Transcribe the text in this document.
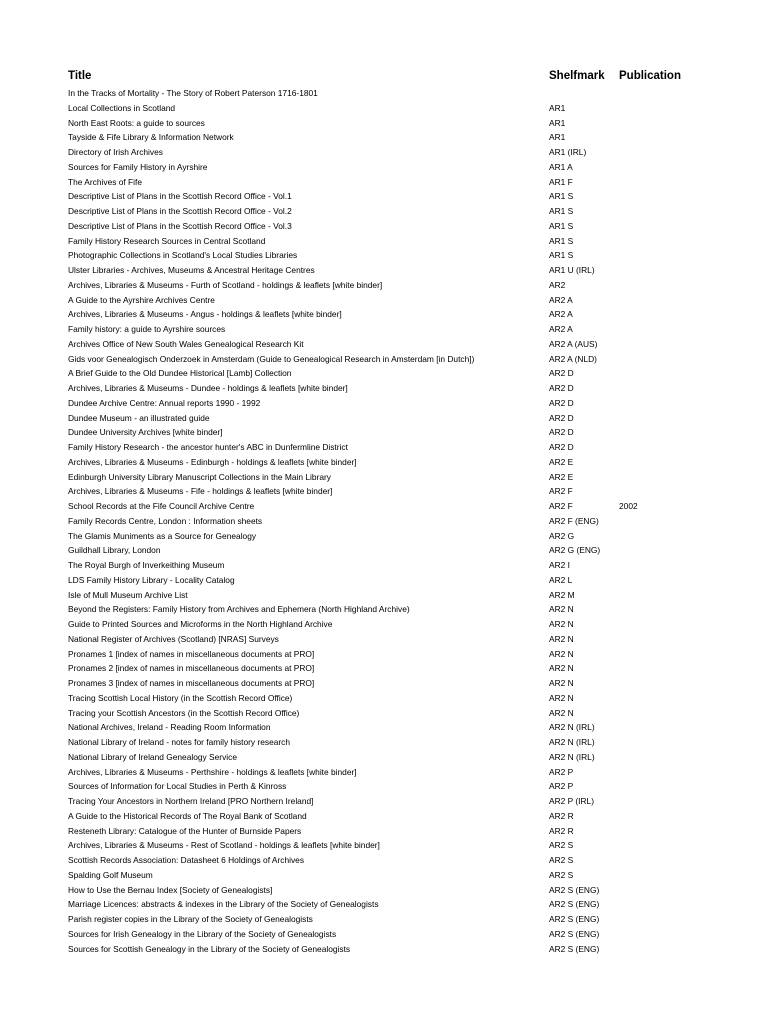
Title	Shelfmark Publication
In the Tracks of Mortality - The Story of Robert Paterson 1716-1801
Local Collections in Scotland	AR1
North East Roots: a guide to sources	AR1
Tayside & Fife Library & Information Network	AR1
Directory of Irish Archives	AR1 (IRL)
Sources for Family History in Ayrshire	AR1 A
The Archives of Fife	AR1 F
Descriptive List of Plans in the Scottish Record Office - Vol.1	AR1 S
Descriptive List of Plans in the Scottish Record Office - Vol.2	AR1 S
Descriptive List of Plans in the Scottish Record Office - Vol.3	AR1 S
Family History Research Sources in Central Scotland	AR1 S
Photographic Collections in Scotland's Local Studies Libraries	AR1 S
Ulster Libraries - Archives, Museums & Ancestral Heritage Centres	AR1 U (IRL)
Archives, Libraries & Museums - Furth of Scotland - holdings & leaflets [white binder]	AR2
A Guide to the Ayrshire Archives Centre	AR2 A
Archives, Libraries & Museums - Angus - holdings & leaflets [white binder]	AR2 A
Family history: a guide to Ayrshire sources	AR2 A
Archives Office of New South Wales Genealogical Research Kit	AR2 A (AUS)
Gids voor Genealogisch Onderzoek in Amsterdam (Guide to Genealogical Research in Amsterdam [in Dutch])	AR2 A (NLD)
A Brief Guide to the Old Dundee Historical [Lamb] Collection	AR2 D
Archives, Libraries & Museums - Dundee - holdings & leaflets [white binder]	AR2 D
Dundee Archive Centre: Annual reports 1990 - 1992	AR2 D
Dundee Museum - an illustrated guide	AR2 D
Dundee University Archives [white binder]	AR2 D
Family History Research - the ancestor hunter's ABC in Dunfermline District	AR2 D
Archives, Libraries & Museums - Edinburgh - holdings & leaflets [white binder]	AR2 E
Edinburgh University Library Manuscript Collections in the Main Library	AR2 E
Archives, Libraries & Museums - Fife - holdings & leaflets [white binder]	AR2 F
School Records at the Fife Council Archive Centre	AR2 F	2002
Family Records Centre, London : Information sheets	AR2 F (ENG)
The Glamis Muniments as a Source for Genealogy	AR2 G
Guildhall Library, London	AR2 G (ENG)
The Royal Burgh of Inverkeithing Museum	AR2 I
LDS Family History Library - Locality Catalog	AR2 L
Isle of Mull Museum Archive List	AR2 M
Beyond the Registers: Family History from Archives and Ephemera (North Highland Archive)	AR2 N
Guide to Printed Sources and Microforms in the North Highland Archive	AR2 N
National Register of Archives (Scotland) [NRAS] Surveys	AR2 N
Pronames 1 [index of names in miscellaneous documents at PRO]	AR2 N
Pronames 2 [index of names in miscellaneous documents at PRO]	AR2 N
Pronames 3 [index of names in miscellaneous documents at PRO]	AR2 N
Tracing Scottish Local History (in the Scottish Record Office)	AR2 N
Tracing your Scottish Ancestors (in the Scottish Record Office)	AR2 N
National Archives, Ireland - Reading Room Information	AR2 N (IRL)
National Library of Ireland - notes for family history research	AR2 N (IRL)
National Library of Ireland Genealogy Service	AR2 N (IRL)
Archives, Libraries & Museums - Perthshire - holdings & leaflets [white binder]	AR2 P
Sources of Information for Local Studies in Perth & Kinross	AR2 P
Tracing Your Ancestors in Northern Ireland [PRO Northern Ireland]	AR2 P (IRL)
A Guide to the Historical Records of The Royal Bank of Scotland	AR2 R
Resteneth Library: Catalogue of the Hunter of Burnside Papers	AR2 R
Archives, Libraries & Museums - Rest of Scotland - holdings & leaflets [white binder]	AR2 S
Scottish Records Association: Datasheet 6 Holdings of Archives	AR2 S
Spalding Golf Museum	AR2 S
How to Use the Bernau Index [Society of Genealogists]	AR2 S (ENG)
Marriage Licences: abstracts & indexes in the Library of the Society of Genealogists	AR2 S (ENG)
Parish register copies in the Library of the Society of Genealogists	AR2 S (ENG)
Sources for Irish Genealogy in the Library of the Society of Genealogists	AR2 S (ENG)
Sources for Scottish Genealogy in the Library of the Society of Genealogists	AR2 S (ENG)
